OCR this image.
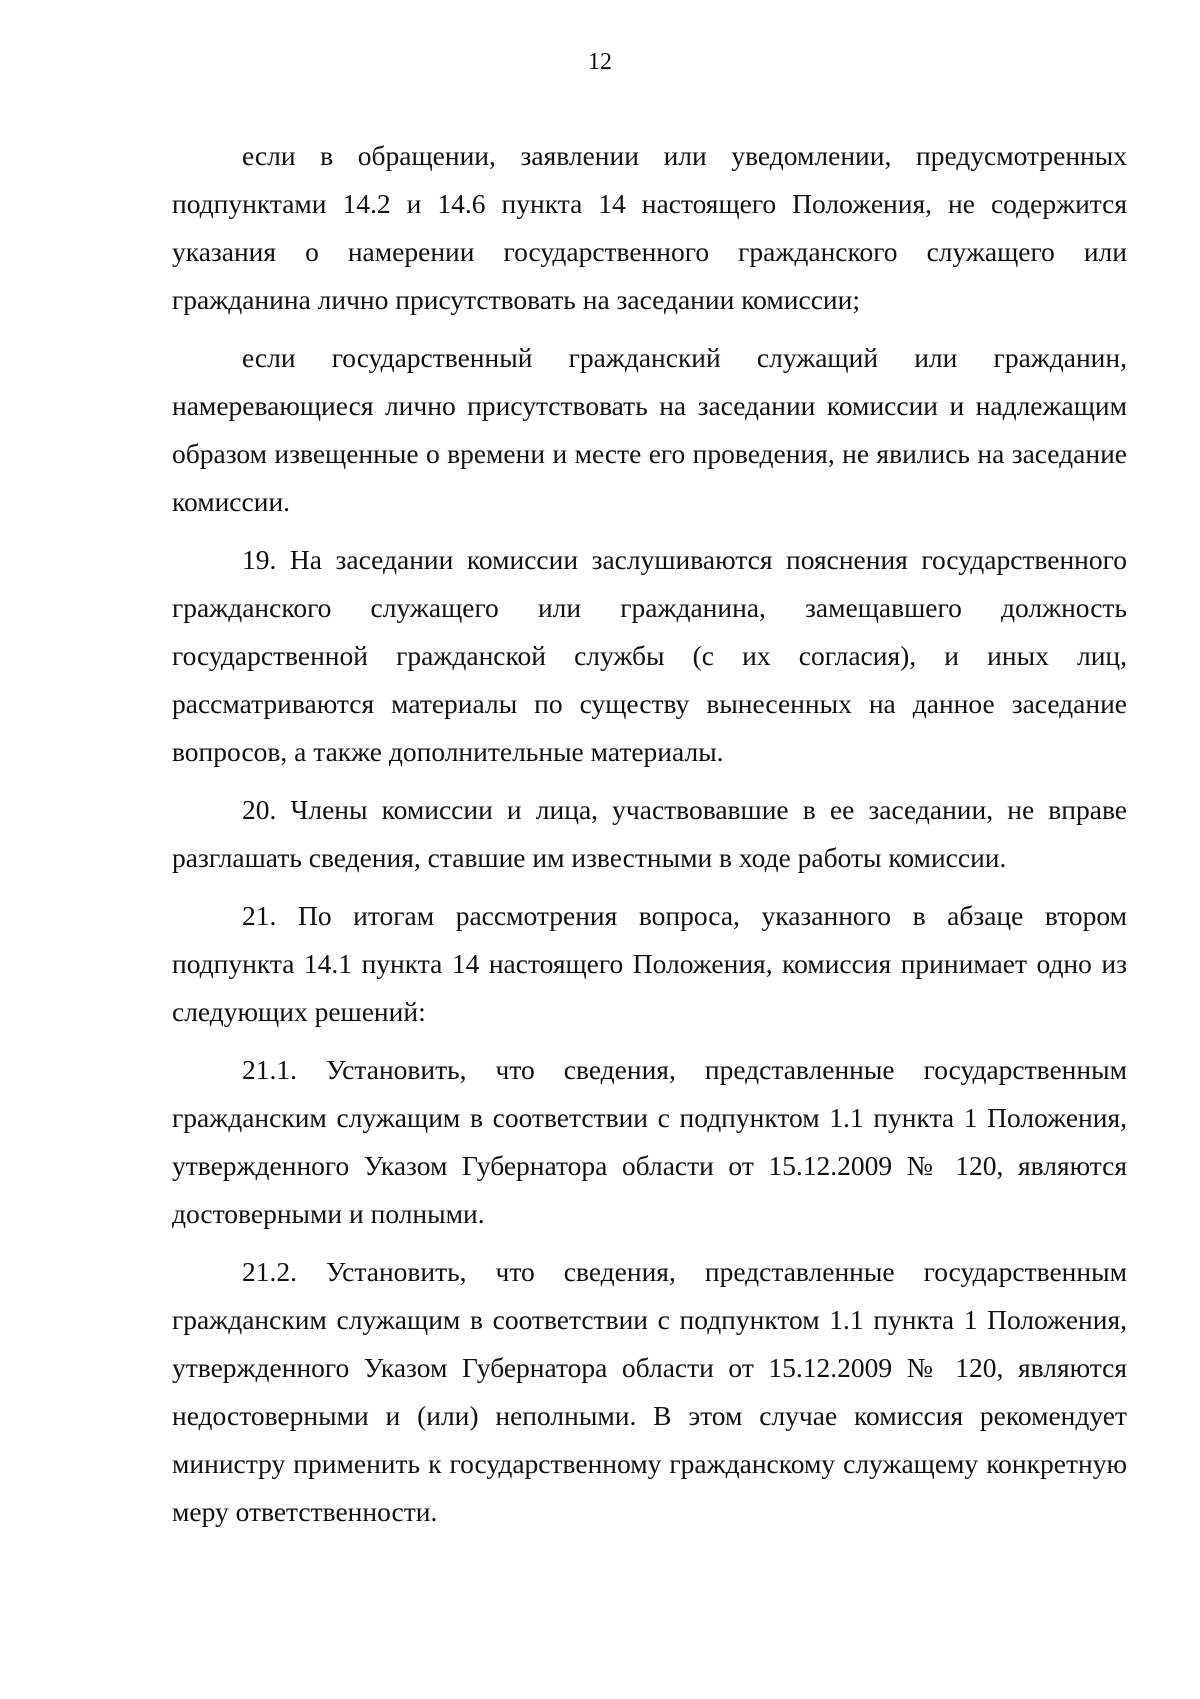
12

если в обращении, заявлении или уведомлении, предусмотренных подпунктами 14.2 и 14.6 пункта 14 настоящего Положения, не содержится указания о намерении государственного гражданского служащего или гражданина лично присутствовать на заседании комиссии;

если государственный гражданский служащий или гражданин, намеревающиеся лично присутствовать на заседании комиссии и надлежащим образом извещенные о времени и месте его проведения, не явились на заседание комиссии.

19. На заседании комиссии заслушиваются пояснения государственного гражданского служащего или гражданина, замещавшего должность государственной гражданской службы (с их согласия), и иных лиц, рассматриваются материалы по существу вынесенных на данное заседание вопросов, а также дополнительные материалы.

20. Члены комиссии и лица, участвовавшие в ее заседании, не вправе разглашать сведения, ставшие им известными в ходе работы комиссии.

21. По итогам рассмотрения вопроса, указанного в абзаце втором подпункта 14.1 пункта 14 настоящего Положения, комиссия принимает одно из следующих решений:

21.1. Установить, что сведения, представленные государственным гражданским служащим в соответствии с подпунктом 1.1 пункта 1 Положения, утвержденного Указом Губернатора области от 15.12.2009 № 120, являются достоверными и полными.

21.2. Установить, что сведения, представленные государственным гражданским служащим в соответствии с подпунктом 1.1 пункта 1 Положения, утвержденного Указом Губернатора области от 15.12.2009 № 120, являются недостоверными и (или) неполными. В этом случае комиссия рекомендует министру применить к государственному гражданскому служащему конкретную меру ответственности.
